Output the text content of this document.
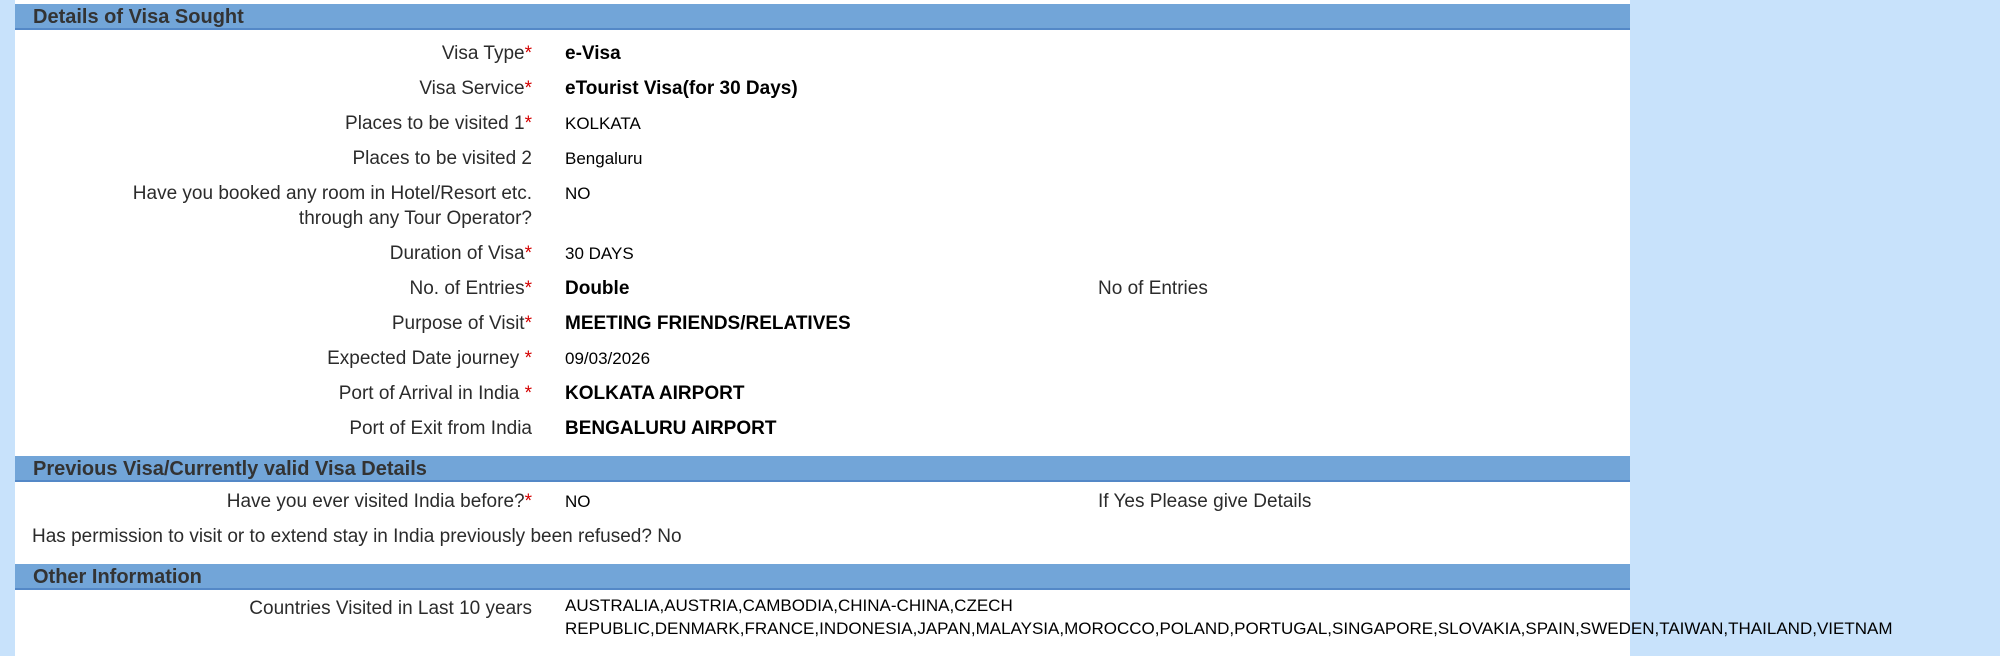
Details of Visa Sought
Visa Type* e-Visa
Visa Service* eTourist Visa(for 30 Days)
Places to be visited 1* KOLKATA
Places to be visited 2 Bengaluru
Have you booked any room in Hotel/Resort etc.
through any Tour Operator?
NO
Duration of Visa* 30 DAYS
No. of Entries* Double	No of Entries
Purpose of Visit* MEETING FRIENDS/RELATIVES
Expected Date journey * 09/03/2026
Port of Arrival in India * KOLKATA AIRPORT
Port of Exit from India BENGALURU AIRPORT
Previous Visa/Currently valid Visa Details
Have you ever visited India before?* NO	If Yes Please give Details
Has permission to visit or to extend stay in India previously been refused? No
Other Information
Countries Visited in Last 10 years AUSTRALIA,AUSTRIA,CAMBODIA,CHINA-CHINA,CZECH REPUBLIC,DENMARK,FRANCE,INDONESIA,JAPAN,MALAYSIA,MOROCCO,POLAND,PORTUGAL,SINGAPORE,SLOVAKIA,SPAIN,SWEDEN,TAIWAN,THAILAND,VIETNAM
